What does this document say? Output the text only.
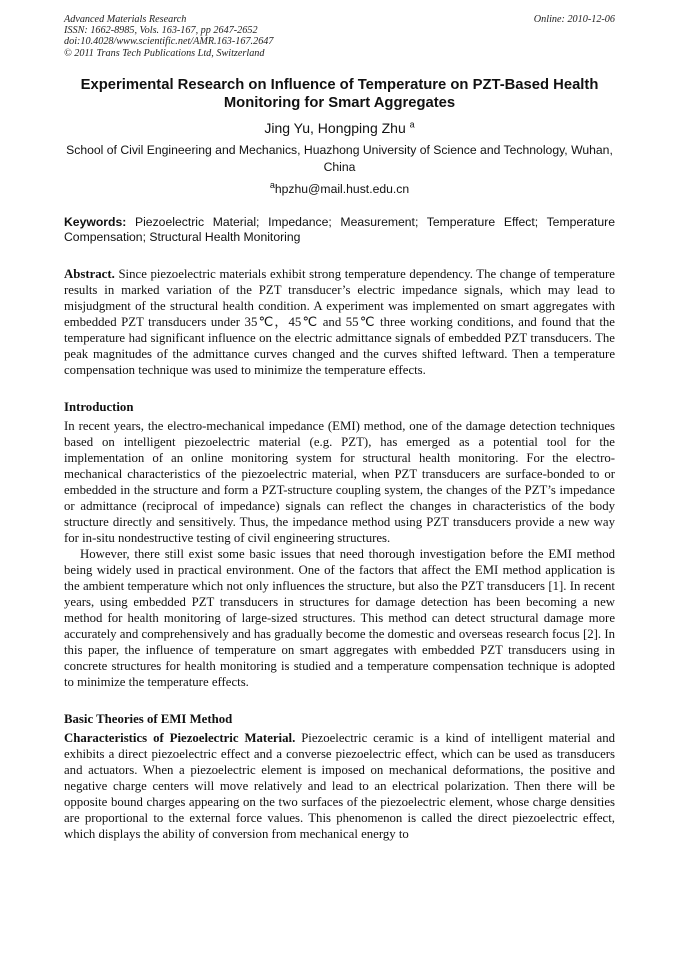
Advanced Materials Research
ISSN: 1662-8985, Vols. 163-167, pp 2647-2652
doi:10.4028/www.scientific.net/AMR.163-167.2647
© 2011 Trans Tech Publications Ltd, Switzerland
Online: 2010-12-06
Experimental Research on Influence of Temperature on PZT-Based Health Monitoring for Smart Aggregates
Jing Yu, Hongping Zhu $^a$
School of Civil Engineering and Mechanics, Huazhong University of Science and Technology, Wuhan, China
$^a$hpzhu@mail.hust.edu.cn
Keywords: Piezoelectric Material; Impedance; Measurement; Temperature Effect; Temperature Compensation; Structural Health Monitoring
Abstract. Since piezoelectric materials exhibit strong temperature dependency. The change of temperature results in marked variation of the PZT transducer’s electric impedance signals, which may lead to misjudgment of the structural health condition. A experiment was implemented on smart aggregates with embedded PZT transducers under 35℃，45℃ and 55℃ three working conditions, and found that the temperature had significant influence on the electric admittance signals of embedded PZT transducers. The peak magnitudes of the admittance curves changed and the curves shifted leftward. Then a temperature compensation technique was used to minimize the temperature effects.
Introduction

In recent years, the electro-mechanical impedance (EMI) method, one of the damage detection techniques based on intelligent piezoelectric material (e.g. PZT), has emerged as a potential tool for the implementation of an online monitoring system for structural health monitoring. For the electro-mechanical characteristics of the piezoelectric material, when PZT transducers are surface-bonded to or embedded in the structure and form a PZT-structure coupling system, the changes of the PZT’s impedance or admittance (reciprocal of impedance) signals can reflect the changes in characteristics of the body structure directly and sensitively. Thus, the impedance method using PZT transducers provide a new way for in-situ nondestructive testing of civil engineering structures.

However, there still exist some basic issues that need thorough investigation before the EMI method being widely used in practical environment. One of the factors that affect the EMI method application is the ambient temperature which not only influences the structure, but also the PZT transducers [1]. In recent years, using embedded PZT transducers in structures for damage detection has been becoming a new method for health monitoring of large-sized structures. This method can detect structural damage more accurately and comprehensively and has gradually become the domestic and overseas research focus [2]. In this paper, the influence of temperature on smart aggregates with embedded PZT transducers using in concrete structures for health monitoring is studied and a temperature compensation technique is adopted to minimize the temperature effects.

Basic Theories of EMI Method

Characteristics of Piezoelectric Material. Piezoelectric ceramic is a kind of intelligent material and exhibits a direct piezoelectric effect and a converse piezoelectric effect, which can be used as transducers and actuators. When a piezoelectric element is imposed on mechanical deformations, the positive and negative charge centers will move relatively and lead to an electrical polarization. Then there will be opposite bound charges appearing on the two surfaces of the piezoelectric element, whose charge densities are proportional to the external force values. This phenomenon is called the direct piezoelectric effect, which displays the ability of conversion from mechanical energy to
